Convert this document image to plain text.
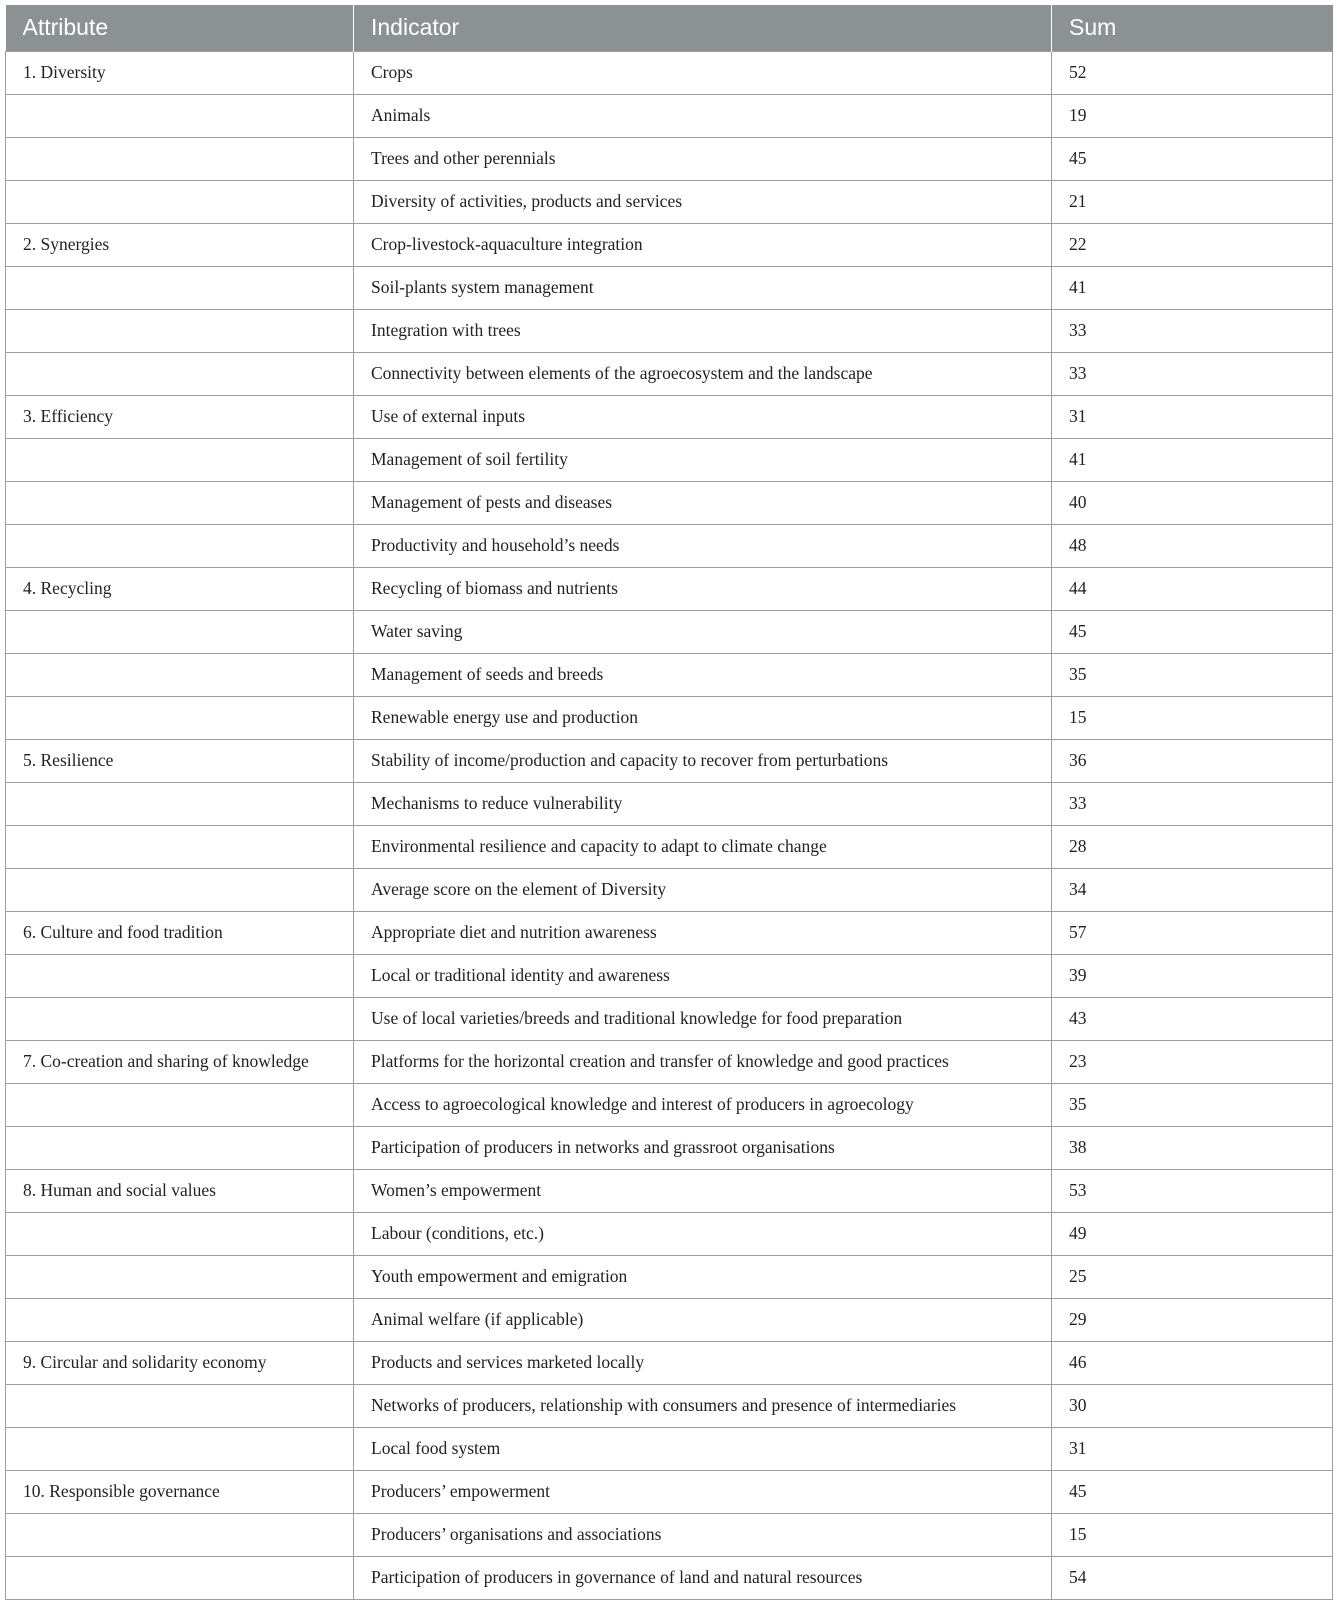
Attribute	Indicator	Sum
1. Diversity	Crops	52
	Animals	19
	Trees and other perennials	45
	Diversity of activities, products and services	21
2. Synergies	Crop-livestock-aquaculture integration	22
	Soil-plants system management	41
	Integration with trees	33
	Connectivity between elements of the agroecosystem and the landscape	33
3. Efficiency	Use of external inputs	31
	Management of soil fertility	41
	Management of pests and diseases	40
	Productivity and household’s needs	48
4. Recycling	Recycling of biomass and nutrients	44
	Water saving	45
	Management of seeds and breeds	35
	Renewable energy use and production	15
5. Resilience	Stability of income/production and capacity to recover from perturbations	36
	Mechanisms to reduce vulnerability	33
	Environmental resilience and capacity to adapt to climate change	28
	Average score on the element of Diversity	34
6. Culture and food tradition	Appropriate diet and nutrition awareness	57
	Local or traditional identity and awareness	39
	Use of local varieties/breeds and traditional knowledge for food preparation	43
7. Co-creation and sharing of knowledge	Platforms for the horizontal creation and transfer of knowledge and good practices	23
	Access to agroecological knowledge and interest of producers in agroecology	35
	Participation of producers in networks and grassroot organisations	38
8. Human and social values	Women’s empowerment	53
	Labour (conditions, etc.)	49
	Youth empowerment and emigration	25
	Animal welfare (if applicable)	29
9. Circular and solidarity economy	Products and services marketed locally	46
	Networks of producers, relationship with consumers and presence of intermediaries	30
	Local food system	31
10. Responsible governance	Producers’ empowerment	45
	Producers’ organisations and associations	15
	Participation of producers in governance of land and natural resources	54
